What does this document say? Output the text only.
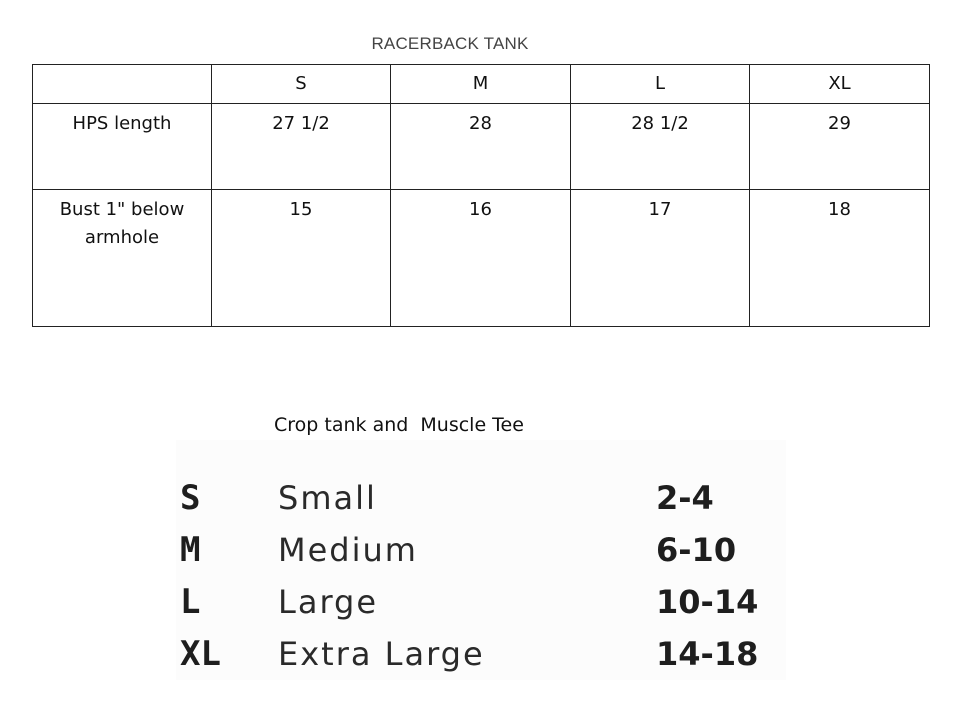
RACERBACK TANK
	S	M	L	XL
HPS length	27 1/2	28	28 1/2	29
Bust 1" below armhole	15	16	17	18
Crop tank and  Muscle Tee
S Small	2-4
M Medium	6-10
L Large	10-14
XL Extra Large	14-18
